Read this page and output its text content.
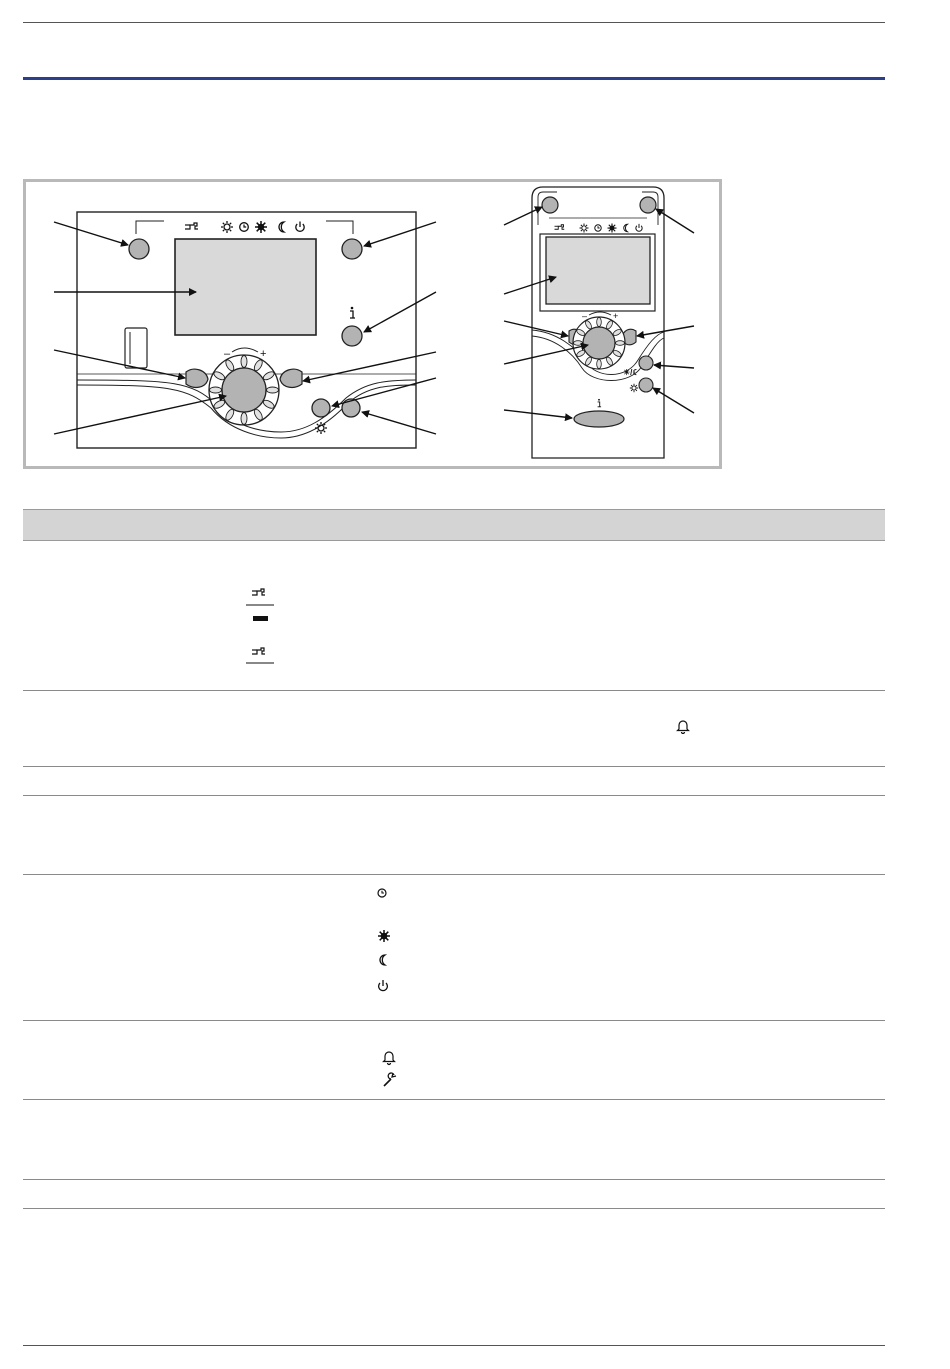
–	+
–	+
☀/☾
